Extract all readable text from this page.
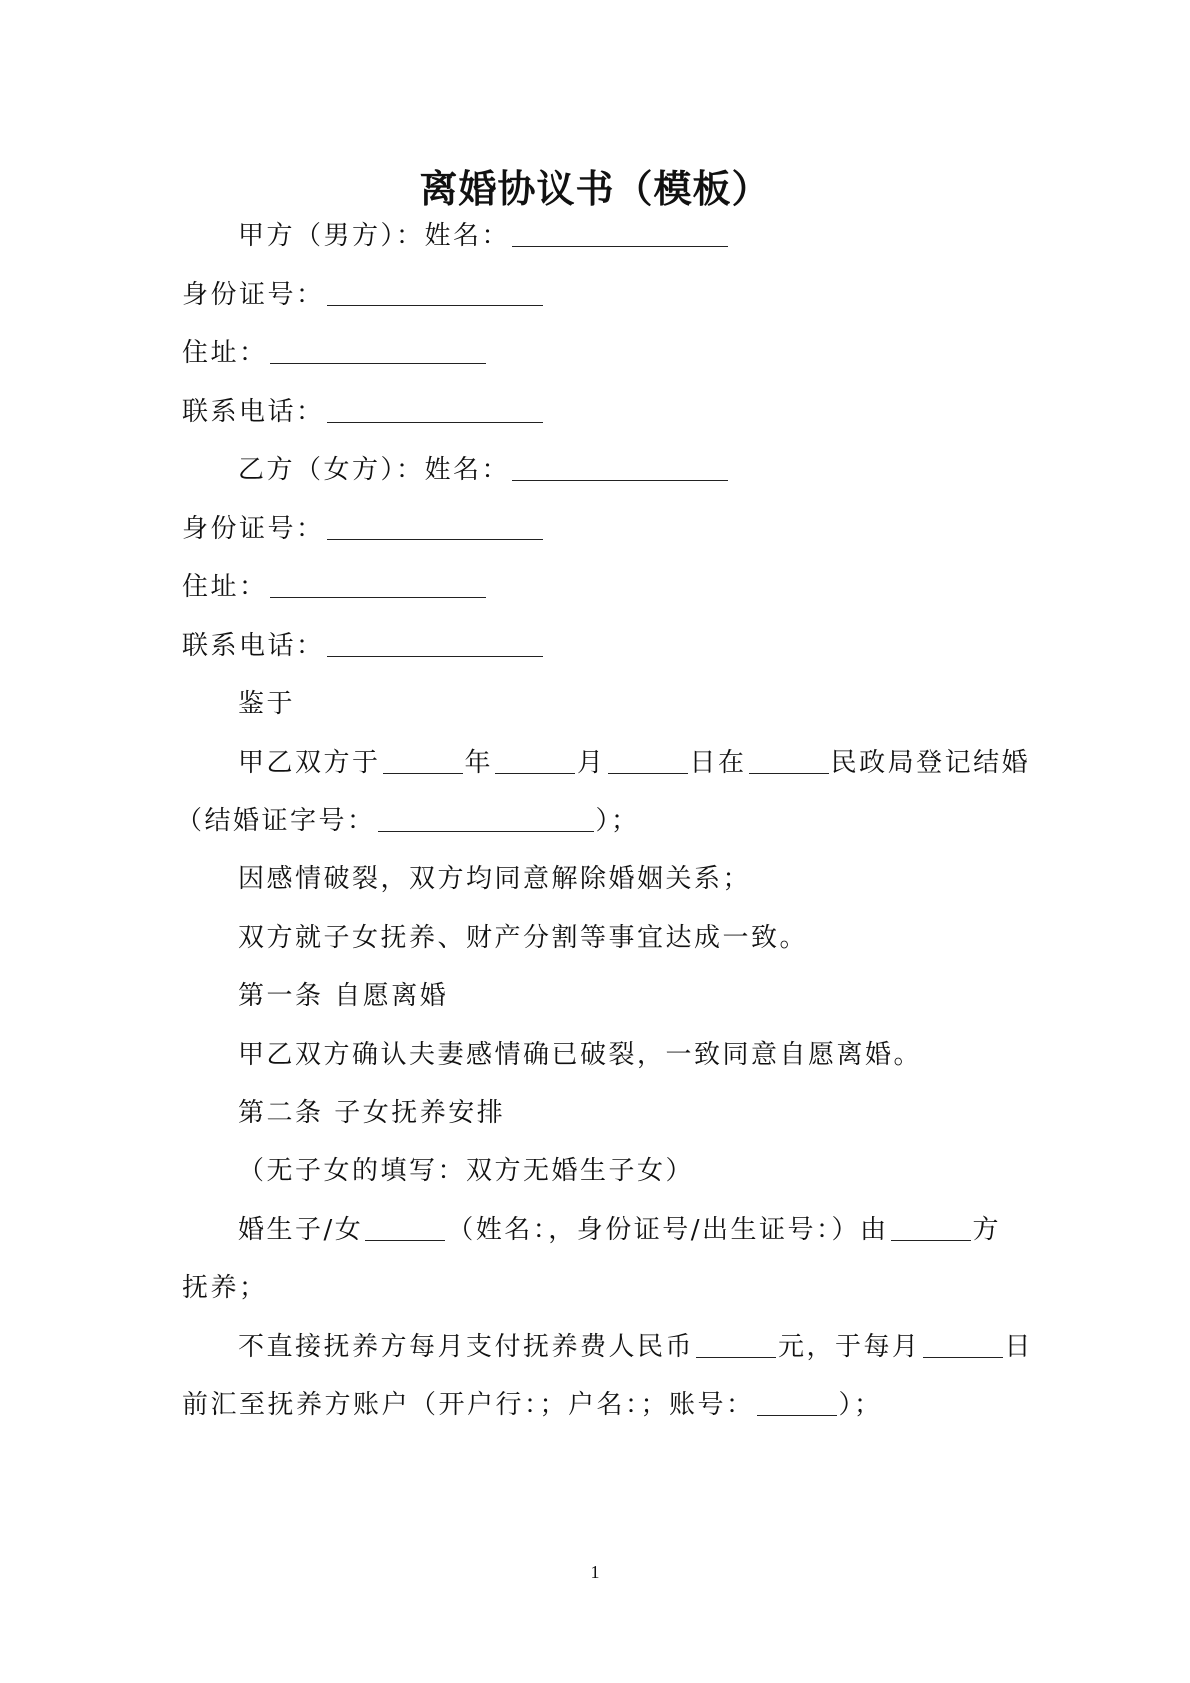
离婚协议书（模板）
甲方（男方）：姓名：
身份证号：
住址：
联系电话：
乙方（女方）：姓名：
身份证号：
住址：
联系电话：
鉴于
甲乙双方于	年	月	日在	民政局登记结婚
（结婚证字号：	）；
因感情破裂，双方均同意解除婚姻关系；
双方就子女抚养、财产分割等事宜达成一致。
第一条 自愿离婚
甲乙双方确认夫妻感情确已破裂，一致同意自愿离婚。
第二条 子女抚养安排
（无子女的填写：双方无婚生子女）
婚生子/女	（姓名：，身份证号/出生证号：）由	方
抚养；
不直接抚养方每月支付抚养费人民币	元，于每月	日
前汇至抚养方账户（开户行：；户名：；账号：	）；
1
